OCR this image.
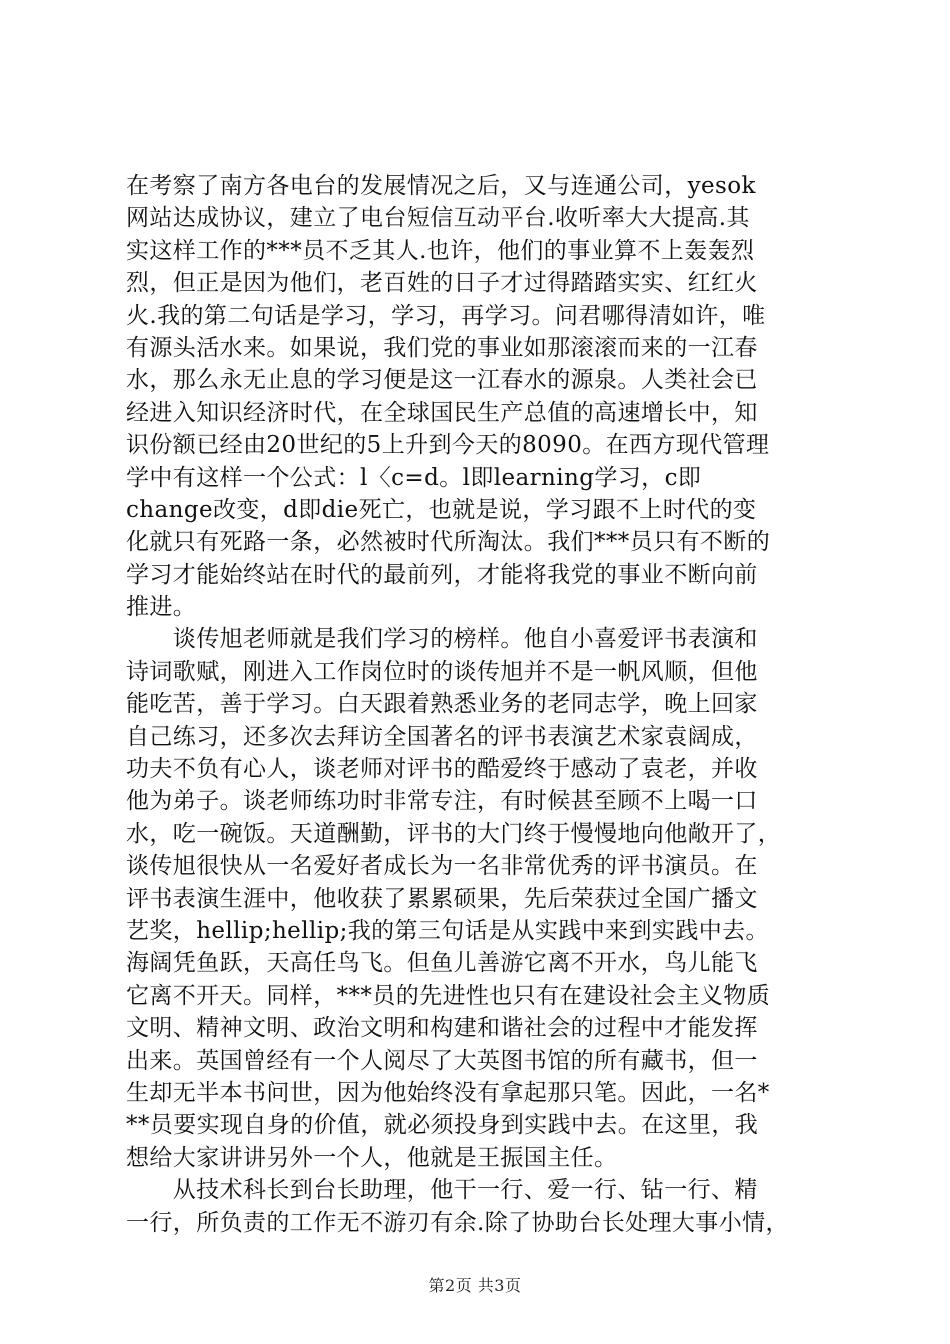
在考察了南方各电台的发展情况之后，又与连通公司，yesok
网站达成协议，建立了电台短信互动平台.收听率大大提高.其
实这样工作的***员不乏其人.也许，他们的事业算不上轰轰烈
烈，但正是因为他们，老百姓的日子才过得踏踏实实、红红火
火.我的第二句话是学习，学习，再学习。问君哪得清如许，唯
有源头活水来。如果说，我们党的事业如那滚滚而来的一江春
水，那么永无止息的学习便是这一江春水的源泉。人类社会已
经进入知识经济时代，在全球国民生产总值的高速增长中，知
识份额已经由20世纪的5上升到今天的8090。在西方现代管理
学中有这样一个公式：l〈c=d。l即learning学习，c即
change改变，d即die死亡，也就是说，学习跟不上时代的变
化就只有死路一条，必然被时代所淘汰。我们***员只有不断的
学习才能始终站在时代的最前列，才能将我党的事业不断向前
推进。
　　谈传旭老师就是我们学习的榜样。他自小喜爱评书表演和
诗词歌赋，刚进入工作岗位时的谈传旭并不是一帆风顺，但他
能吃苦，善于学习。白天跟着熟悉业务的老同志学，晚上回家
自己练习，还多次去拜访全国著名的评书表演艺术家袁阔成，
功夫不负有心人，谈老师对评书的酷爱终于感动了袁老，并收
他为弟子。谈老师练功时非常专注，有时候甚至顾不上喝一口
水，吃一碗饭。天道酬勤，评书的大门终于慢慢地向他敞开了，
谈传旭很快从一名爱好者成长为一名非常优秀的评书演员。在
评书表演生涯中，他收获了累累硕果，先后荣获过全国广播文
艺奖，hellip;hellip;我的第三句话是从实践中来到实践中去。
海阔凭鱼跃，天高任鸟飞。但鱼儿善游它离不开水，鸟儿能飞
它离不开天。同样，***员的先进性也只有在建设社会主义物质
文明、精神文明、政治文明和构建和谐社会的过程中才能发挥
出来。英国曾经有一个人阅尽了大英图书馆的所有藏书，但一
生却无半本书问世，因为他始终没有拿起那只笔。因此，一名*
**员要实现自身的价值，就必须投身到实践中去。在这里，我
想给大家讲讲另外一个人，他就是王振国主任。
　　从技术科长到台长助理，他干一行、爱一行、钻一行、精
一行，所负责的工作无不游刃有余.除了协助台长处理大事小情，
第2页 共3页
